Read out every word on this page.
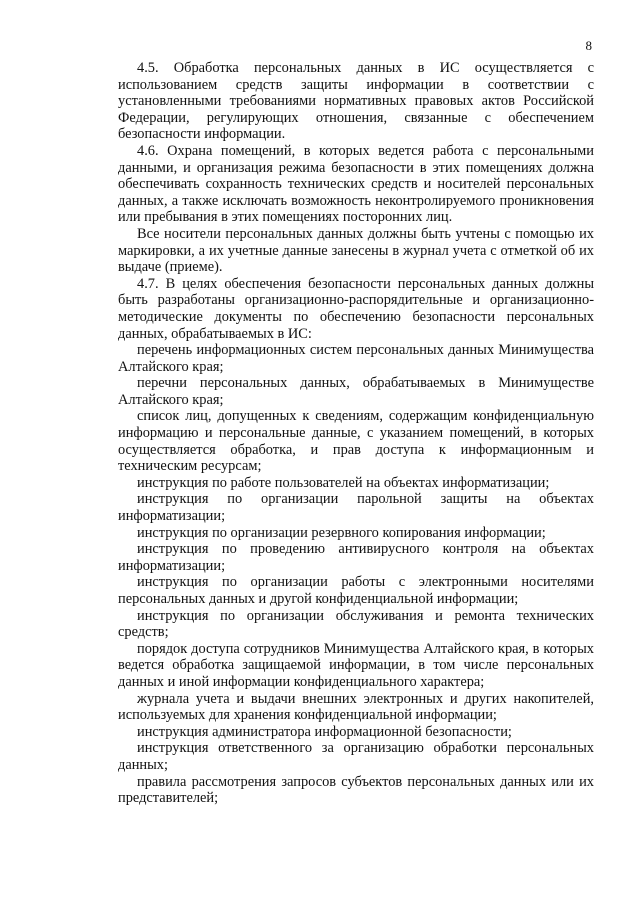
8

4.5. Обработка персональных данных в ИС осуществляется с использованием средств защиты информации в соответствии с установленными требованиями нормативных правовых актов Российской Федерации, регулирующих отношения, связанные с обеспечением безопасности информации.

4.6. Охрана помещений, в которых ведется работа с персональными данными, и организация режима безопасности в этих помещениях должна обеспечивать сохранность технических средств и носителей персональных данных, а также исключать возможность неконтролируемого проникновения или пребывания в этих помещениях посторонних лиц.

Все носители персональных данных должны быть учтены с помощью их маркировки, а их учетные данные занесены в журнал учета с отметкой об их выдаче (приеме).

4.7. В целях обеспечения безопасности персональных данных должны быть разработаны организационно-распорядительные и организационно-методические документы по обеспечению безопасности персональных данных, обрабатываемых в ИС:

перечень информационных систем персональных данных Минимущества Алтайского края;

перечни персональных данных, обрабатываемых в Минимуществе Алтайского края;

список лиц, допущенных к сведениям, содержащим конфиденциальную информацию и персональные данные, с указанием помещений, в которых осуществляется обработка, и прав доступа к информационным и техническим ресурсам;

инструкция по работе пользователей на объектах информатизации;

инструкция по организации парольной защиты на объектах информатизации;

инструкция по организации резервного копирования информации;

инструкция по проведению антивирусного контроля на объектах информатизации;

инструкция по организации работы с электронными носителями персональных данных и другой конфиденциальной информации;

инструкция по организации обслуживания и ремонта технических средств;

порядок доступа сотрудников Минимущества Алтайского края, в которых ведется обработка защищаемой информации, в том числе персональных данных и иной информации конфиденциального характера;

журнала учета и выдачи внешних электронных и других накопителей, используемых для хранения конфиденциальной информации;

инструкция администратора информационной безопасности;

инструкция ответственного за организацию обработки персональных данных;

правила рассмотрения запросов субъектов персональных данных или их представителей;
